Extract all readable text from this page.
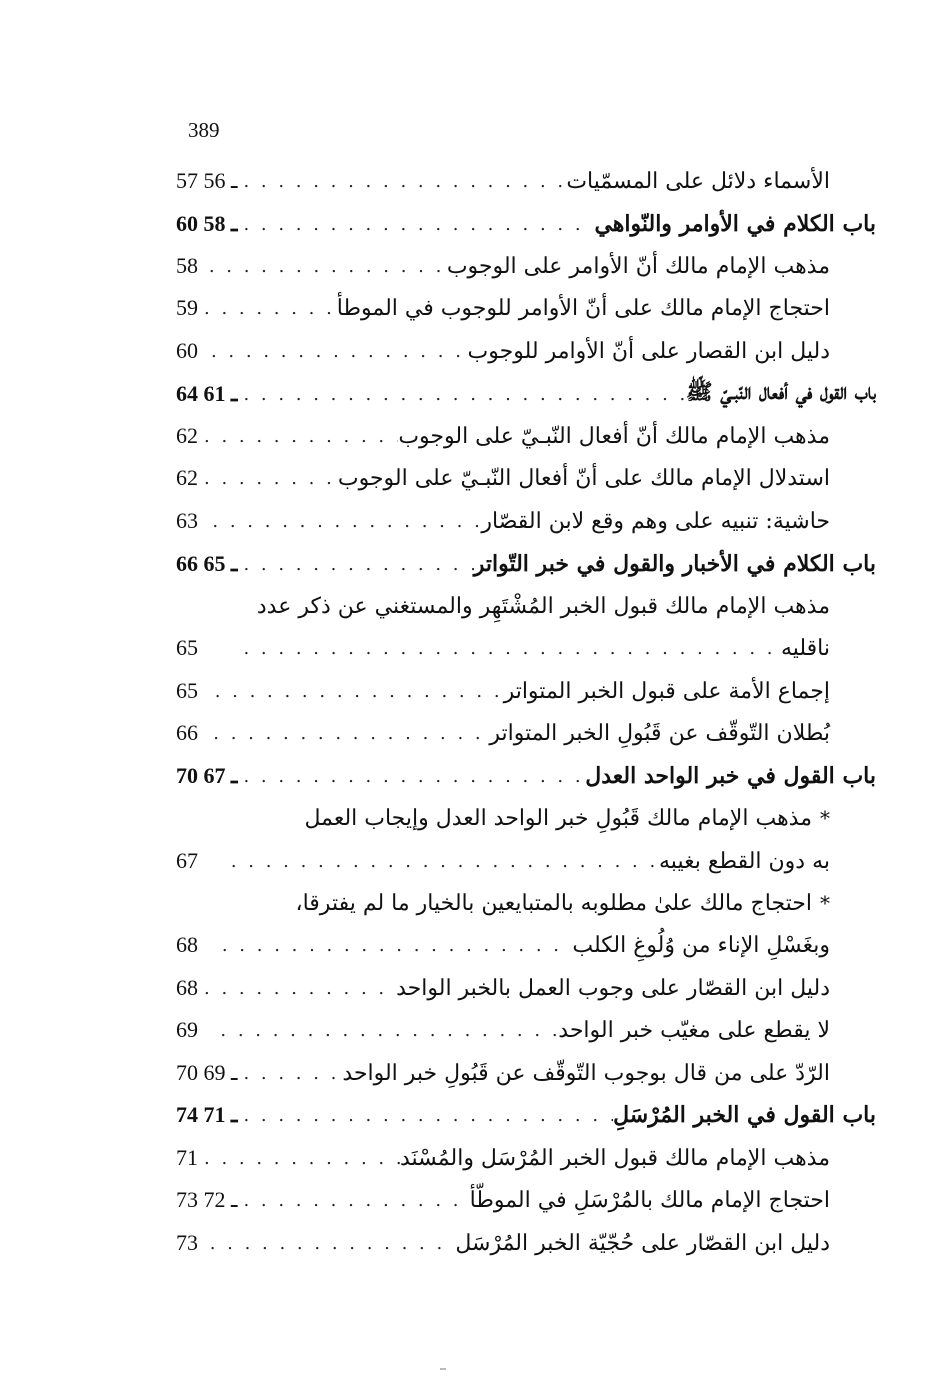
389
الأسماء دلائل على المسمّيات
. . .
57 ـ 56
باب الكلام في الأوامر والنّواهي
. . .
60 ـ 58
مذهب الإمام مالك أنّ الأوامر على الوجوب
. . .
58
احتجاج الإمام مالك على أنّ الأوامر للوجوب في الموطأ
. . .
59
دليل ابن القصار على أنّ الأوامر للوجوب
. . .
60
باب القول في أفعال النّبـيّ ﷺ
. . .
64 ـ 61
مذهب الإمام مالك أنّ أفعال النّبـيّ على الوجوب
. . .
62
استدلال الإمام مالك على أنّ أفعال النّبـيّ على الوجوب
. . .
62
حاشية: تنبيه على وهم وقع لابن القصّار
. . .
63
باب الكلام في الأخبار والقول في خبر التّواتر
. . .
66 ـ 65
مذهب الإمام مالك قبول الخبر المُشْتَهِر والمستغني عن ذكر عدد
ناقليه
. . .
65
إجماع الأمة على قبول الخبر المتواتر
. . .
65
بُطلان التّوقّف عن قَبُولِ الخبر المتواتر
. . .
66
باب القول في خبر الواحد العدل
. . .
70 ـ 67
*
مذهب الإمام مالك قَبُولِ خبر الواحد العدل وإيجاب العمل
به دون القطع بغيبه
. . .
67
*
احتجاج مالك علىٰ مطلوبه بالمتبايعين بالخيار ما لم يفترقا،
وبغَسْلِ الإناء من وُلُوغِ الكلب
. . .
68
دليل ابن القصّار على وجوب العمل بالخبر الواحد
. . .
68
لا يقطع على مغيّب خبر الواحد
. . .
69
الرّدّ على من قال بوجوب التّوقّف عن قَبُولِ خبر الواحد
. . .
70 ـ 69
باب القول في الخبر المُرْسَلِ
. . .
74 ـ 71
مذهب الإمام مالك قبول الخبر المُرْسَل والمُسْنَد
. . .
71
احتجاج الإمام مالك بالمُرْسَلِ في الموطّأ
. . .
73 ـ 72
دليل ابن القصّار على حُجّيّة الخبر المُرْسَل
. . .
73
